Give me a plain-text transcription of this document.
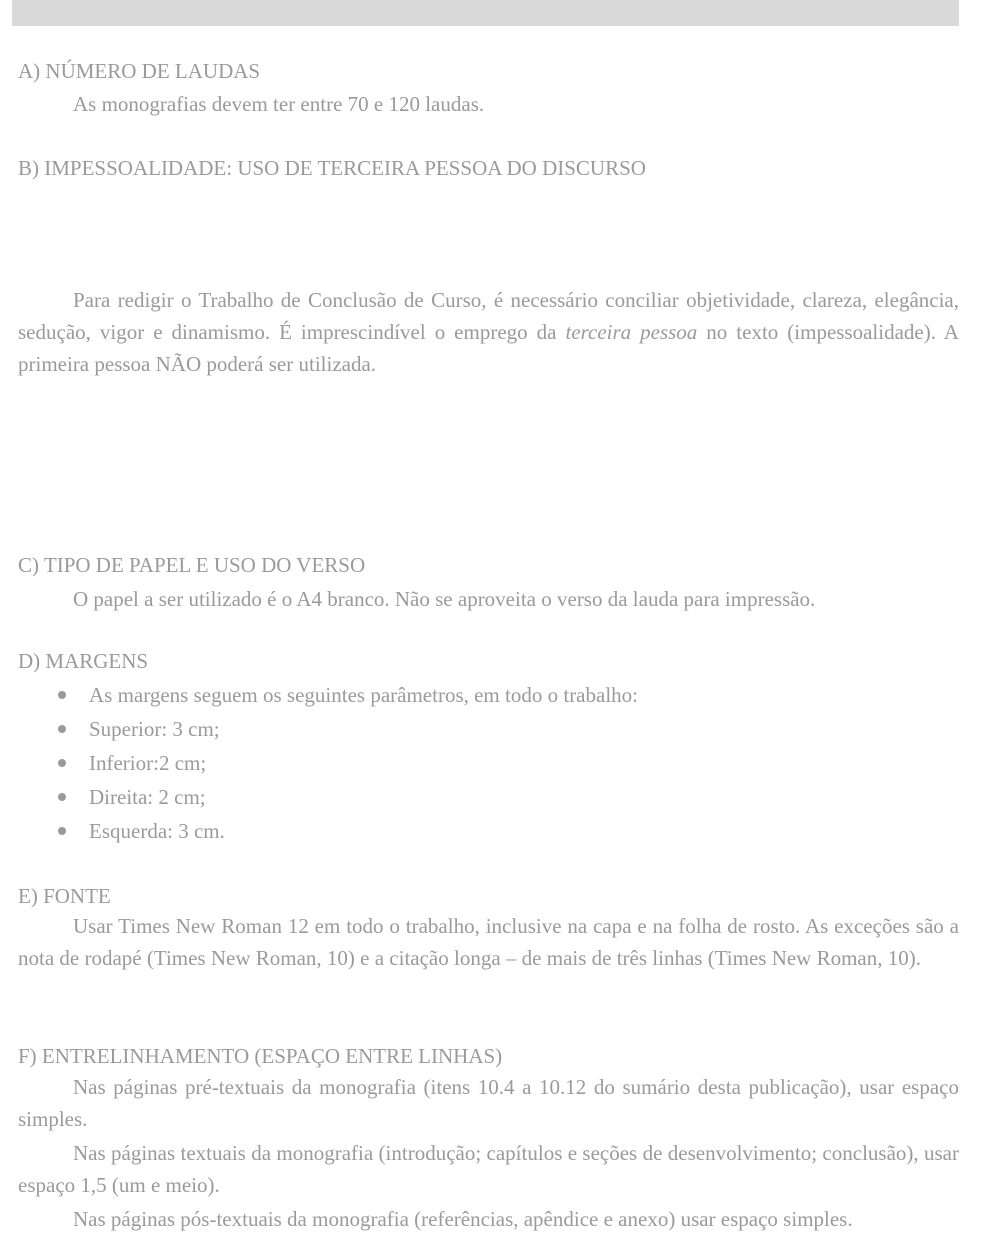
A) NÚMERO DE LAUDAS
As monografias devem ter entre 70 e 120 laudas.
B) IMPESSOALIDADE: USO DE TERCEIRA PESSOA DO DISCURSO

Para redigir o Trabalho de Conclusão de Curso, é necessário conciliar objetividade, clareza, elegância, sedução, vigor e dinamismo. É imprescindível o emprego da terceira pessoa no texto (impessoalidade). A primeira pessoa NÃO poderá ser utilizada.

C) TIPO DE PAPEL E USO DO VERSO
O papel a ser utilizado é o A4 branco. Não se aproveita o verso da lauda para impressão.
D) MARGENS
As margens seguem os seguintes parâmetros, em todo o trabalho:
Superior: 3 cm;
Inferior:2 cm;
Direita: 2 cm;
Esquerda: 3 cm.
E) FONTE

Usar Times New Roman 12 em todo o trabalho, inclusive na capa e na folha de rosto. As exceções são a nota de rodapé (Times New Roman, 10) e a citação longa – de mais de três linhas (Times New Roman, 10).

F) ENTRELINHAMENTO (ESPAÇO ENTRE LINHAS)

Nas páginas pré-textuais da monografia (itens 10.4 a 10.12 do sumário desta publicação), usar espaço simples.

Nas páginas textuais da monografia (introdução; capítulos e seções de desenvolvimento; conclusão), usar espaço 1,5 (um e meio).

Nas páginas pós-textuais da monografia (referências, apêndice e anexo) usar espaço simples.
